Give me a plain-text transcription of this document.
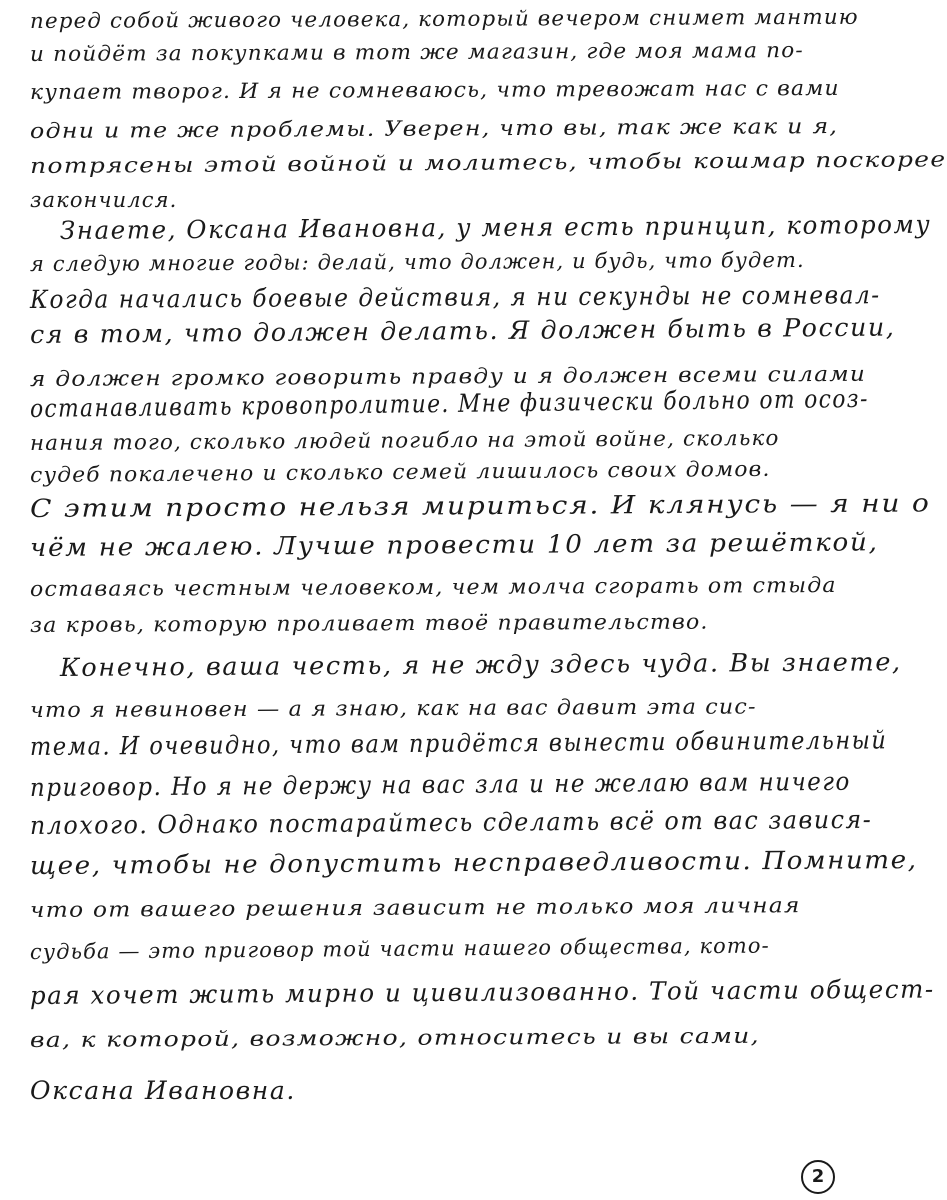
перед собой живого человека, который вечером снимет мантию
и пойдёт за покупками в тот же магазин, где моя мама по-
купает творог. И я не сомневаюсь, что тревожат нас с вами
одни и те же проблемы. Уверен, что вы, так же как и я,
потрясены этой войной и молитесь, чтобы кошмар поскорее
закончился.
Знаете, Оксана Ивановна, у меня есть принцип, которому
я следую многие годы: делай, что должен, и будь, что будет.
Когда начались боевые действия, я ни секунды не сомневал-
ся в том, что должен делать. Я должен быть в России,
я должен громко говорить правду и я должен всеми силами
останавливать кровопролитие. Мне физически больно от осоз-
нания того, сколько людей погибло на этой войне, сколько
судеб покалечено и сколько семей лишилось своих домов.
С этим просто нельзя мириться. И клянусь — я ни о
чём не жалею. Лучше провести 10 лет за решёткой,
оставаясь честным человеком, чем молча сгорать от стыда
за кровь, которую проливает твоё правительство.
Конечно, ваша честь, я не жду здесь чуда. Вы знаете,
что я невиновен — а я знаю, как на вас давит эта сис-
тема. И очевидно, что вам придётся вынести обвинительный
приговор. Но я не держу на вас зла и не желаю вам ничего
плохого. Однако постарайтесь сделать всё от вас завися-
щее, чтобы не допустить несправедливости. Помните,
что от вашего решения зависит не только моя личная
судьба — это приговор той части нашего общества, кото-
рая хочет жить мирно и цивилизованно. Той части общест-
ва, к которой, возможно, относитесь и вы сами,
Оксана Ивановна.
2
